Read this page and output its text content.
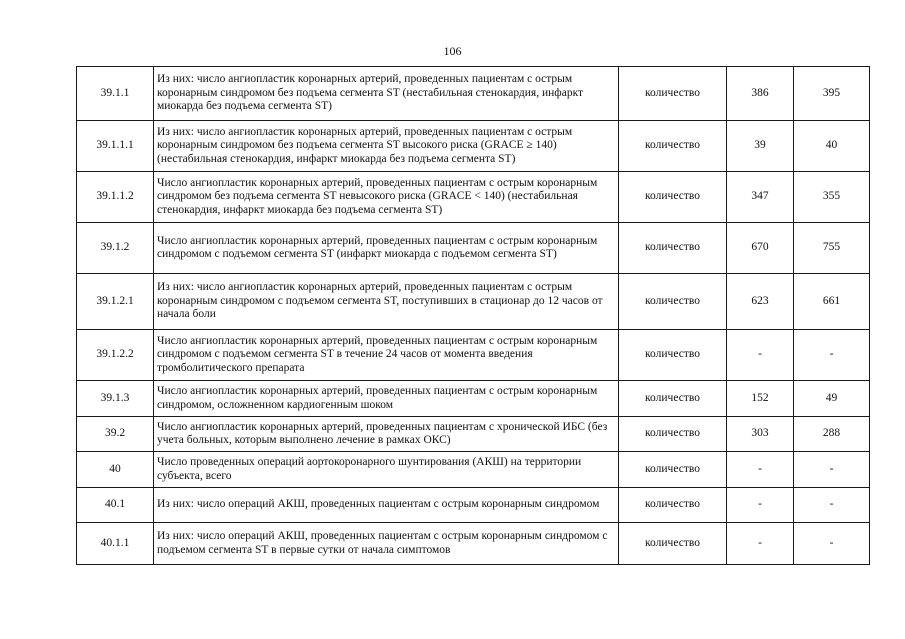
106
39.1.1	Из них: число ангиопластик коронарных артерий, проведенных пациентам с острым коронарным синдромом без подъема сегмента ST (нестабильная стенокардия, инфаркт миокарда без подъема сегмента ST)	количество	386	395
39.1.1.1	Из них: число ангиопластик коронарных артерий, проведенных пациентам с острым коронарным синдромом без подъема сегмента ST высокого риска (GRACE ≥ 140) (нестабильная стенокардия, инфаркт миокарда без подъема сегмента ST)	количество	39	40
39.1.1.2	Число ангиопластик коронарных артерий, проведенных пациентам с острым коронарным синдромом без подъема сегмента ST невысокого риска (GRACE < 140) (нестабильная стенокардия, инфаркт миокарда без подъема сегмента ST)	количество	347	355
39.1.2	Число ангиопластик коронарных артерий, проведенных пациентам с острым коронарным синдромом с подъемом сегмента ST (инфаркт миокарда с подъемом сегмента ST)	количество	670	755
39.1.2.1	Из них: число ангиопластик коронарных артерий, проведенных пациентам с острым коронарным синдромом с подъемом сегмента ST, поступивших в стационар до 12 часов от начала боли	количество	623	661
39.1.2.2	Число ангиопластик коронарных артерий, проведенных пациентам с острым коронарным синдромом с подъемом сегмента ST в течение 24 часов от момента введения тромболитического препарата	количество	-	-
39.1.3	Число ангиопластик коронарных артерий, проведенных пациентам с острым коронарным синдромом, осложненном кардиогенным шоком	количество	152	49
39.2	Число ангиопластик коронарных артерий, проведенных пациентам с хронической ИБС (без учета больных, которым выполнено лечение в рамках ОКС)	количество	303	288
40	Число проведенных операций аортокоронарного шунтирования (АКШ) на территории субъекта, всего	количество	-	-
40.1	Из них: число операций АКШ, проведенных пациентам с острым коронарным синдромом	количество	-	-
40.1.1	Из них: число операций АКШ, проведенных пациентам с острым коронарным синдромом с подъемом сегмента ST в первые сутки от начала симптомов	количество	-	-
